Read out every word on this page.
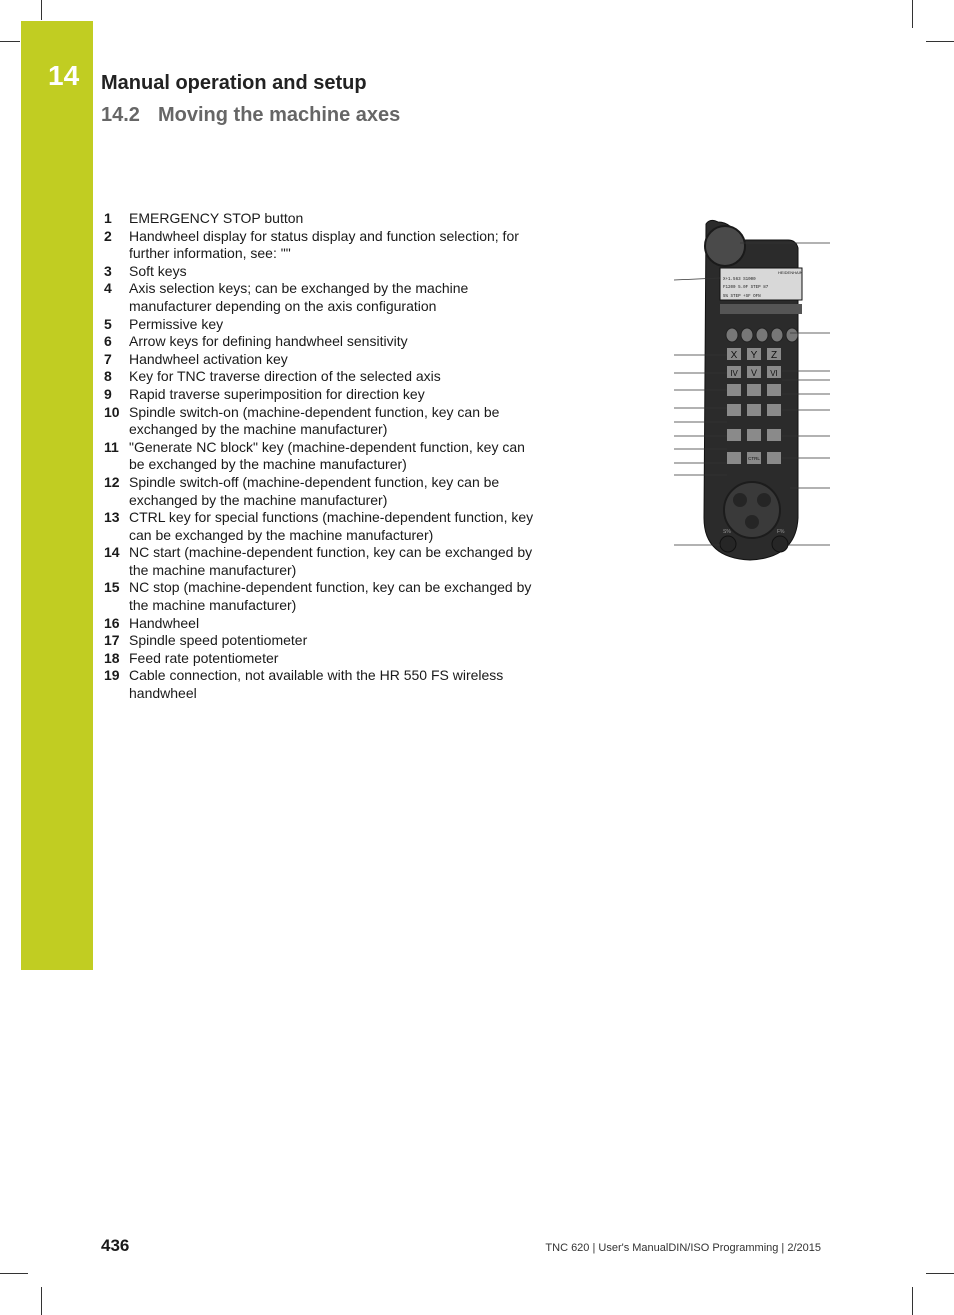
14 Manual operation and setup
14.2 Moving the machine axes
1	EMERGENCY STOP button
2	Handwheel display for status display and function selection; for further information, see: ""
3	Soft keys
4	Axis selection keys; can be exchanged by the machine manufacturer depending on the axis configuration
5	Permissive key
6	Arrow keys for defining handwheel sensitivity
7	Handwheel activation key
8	Key for TNC traverse direction of the selected axis
9	Rapid traverse superimposition for direction key
10 Spindle switch-on (machine-dependent function, key can be exchanged by the machine manufacturer)
11 "Generate NC block" key (machine-dependent function, key can be exchanged by the machine manufacturer)
12 Spindle switch-off (machine-dependent function, key can be exchanged by the machine manufacturer)
13 CTRL key for special functions (machine-dependent function, key can be exchanged by the machine manufacturer)
14 NC start (machine-dependent function, key can be exchanged by the machine manufacturer)
15 NC stop (machine-dependent function, key can be exchanged by the machine manufacturer)
16 Handwheel
17 Spindle speed potentiometer
18 Feed rate potentiometer
19 Cable connection, not available with the HR 550 FS wireless handwheel
HEIDENHAIN
X+1.563 S1000
F1200 5.0F STEP 87
5% STEP +SF OFN
X Y Z
IV V VI
CTRL
S%	F%
436	TNC 620 | User's ManualDIN/ISO Programming | 2/2015
